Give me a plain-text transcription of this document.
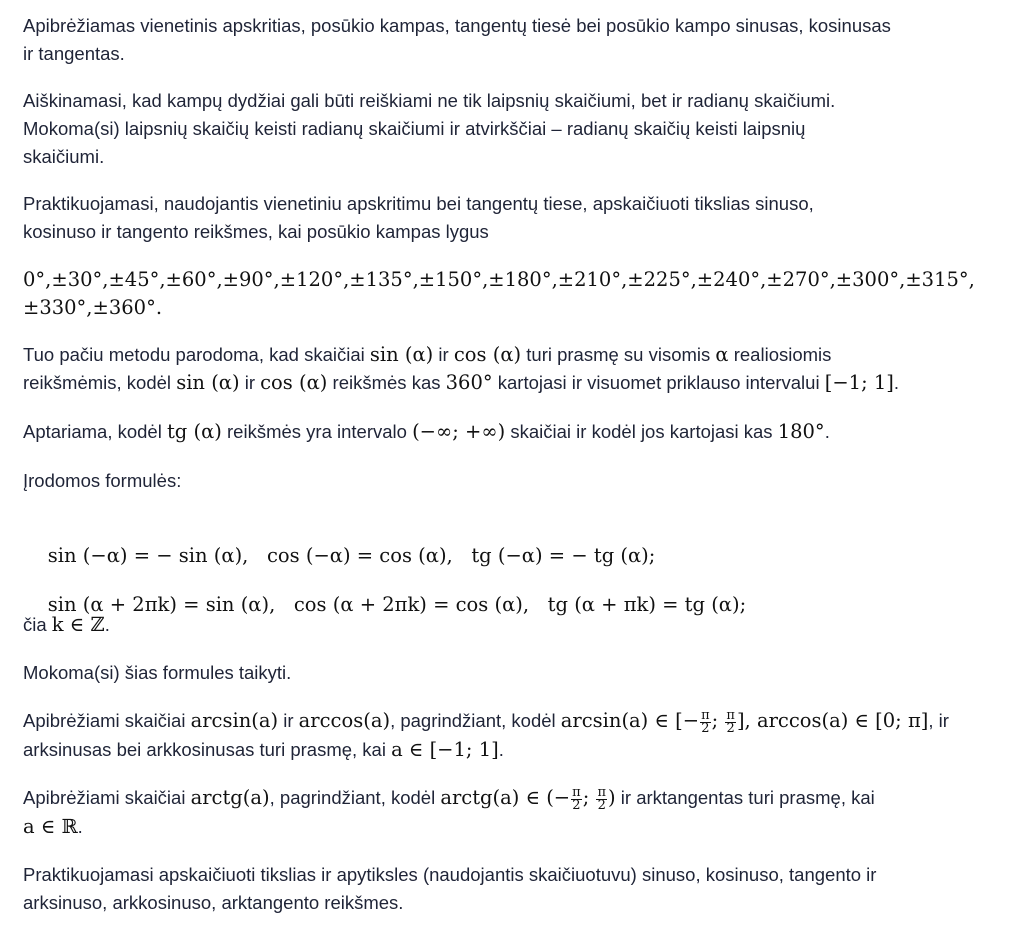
Apibrėžiamas vienetinis apskritias, posūkio kampas, tangentų tiesė bei posūkio kampo sinusas, kosinusas

ir tangentas.

Aiškinamasi, kad kampų dydžiai gali būti reiškiami ne tik laipsnių skaičiumi, bet ir radianų skaičiumi.

Mokoma(si) laipsnių skaičių keisti radianų skaičiumi ir atvirkščiai – radianų skaičių keisti laipsnių

skaičiumi.

Praktikuojamasi, naudojantis vienetiniu apskritimu bei tangentų tiese, apskaičiuoti tikslias sinuso,

kosinuso ir tangento reikšmes, kai posūkio kampas lygus

0°,±30°,±45°,±60°,±90°,±120°,±135°,±150°,±180°,±210°,±225°,±240°,±270°,±300°,±315°,

±330°,±360°.

Tuo pačiu metodu parodoma, kad skaičiai sin (α) ir cos (α) turi prasmę su visomis α realiosiomis

reikšmėmis, kodėl sin (α) ir cos (α) reikšmės kas 360° kartojasi ir visuomet priklauso intervalui [−1; 1].

Aptariama, kodėl tg (α) reikšmės yra intervalo (−∞; +∞) skaičiai ir kodėl jos kartojasi kas 180°.

Įrodomos formulės:

sin (−α) = − sin (α),   cos (−α) = cos (α),   tg (−α) = − tg (α);

sin (α + 2πk) = sin (α),   cos (α + 2πk) = cos (α),   tg (α + πk) = tg (α);

čia k ∈ ℤ.

Mokoma(si) šias formules taikyti.

Apibrėžiami skaičiai arcsin(a) ir arccos(a), pagrindžiant, kodėl arcsin(a) ∈ [− $\frac{\pi}{2}$ ; $\frac{\pi}{2}$ ], arccos(a) ∈ [0; π], ir

arksinusas bei arkkosinusas turi prasmę, kai a ∈ [−1; 1].

Apibrėžiami skaičiai arctg(a), pagrindžiant, kodėl arctg(a) ∈ (− $\frac{\pi}{2}$ ; $\frac{\pi}{2}$ ) ir arktangentas turi prasmę, kai

a ∈ ℝ.

Praktikuojamasi apskaičiuoti tikslias ir apytiksles (naudojantis skaičiuotuvu) sinuso, kosinuso, tangento ir

arksinuso, arkkosinuso, arktangento reikšmes.
